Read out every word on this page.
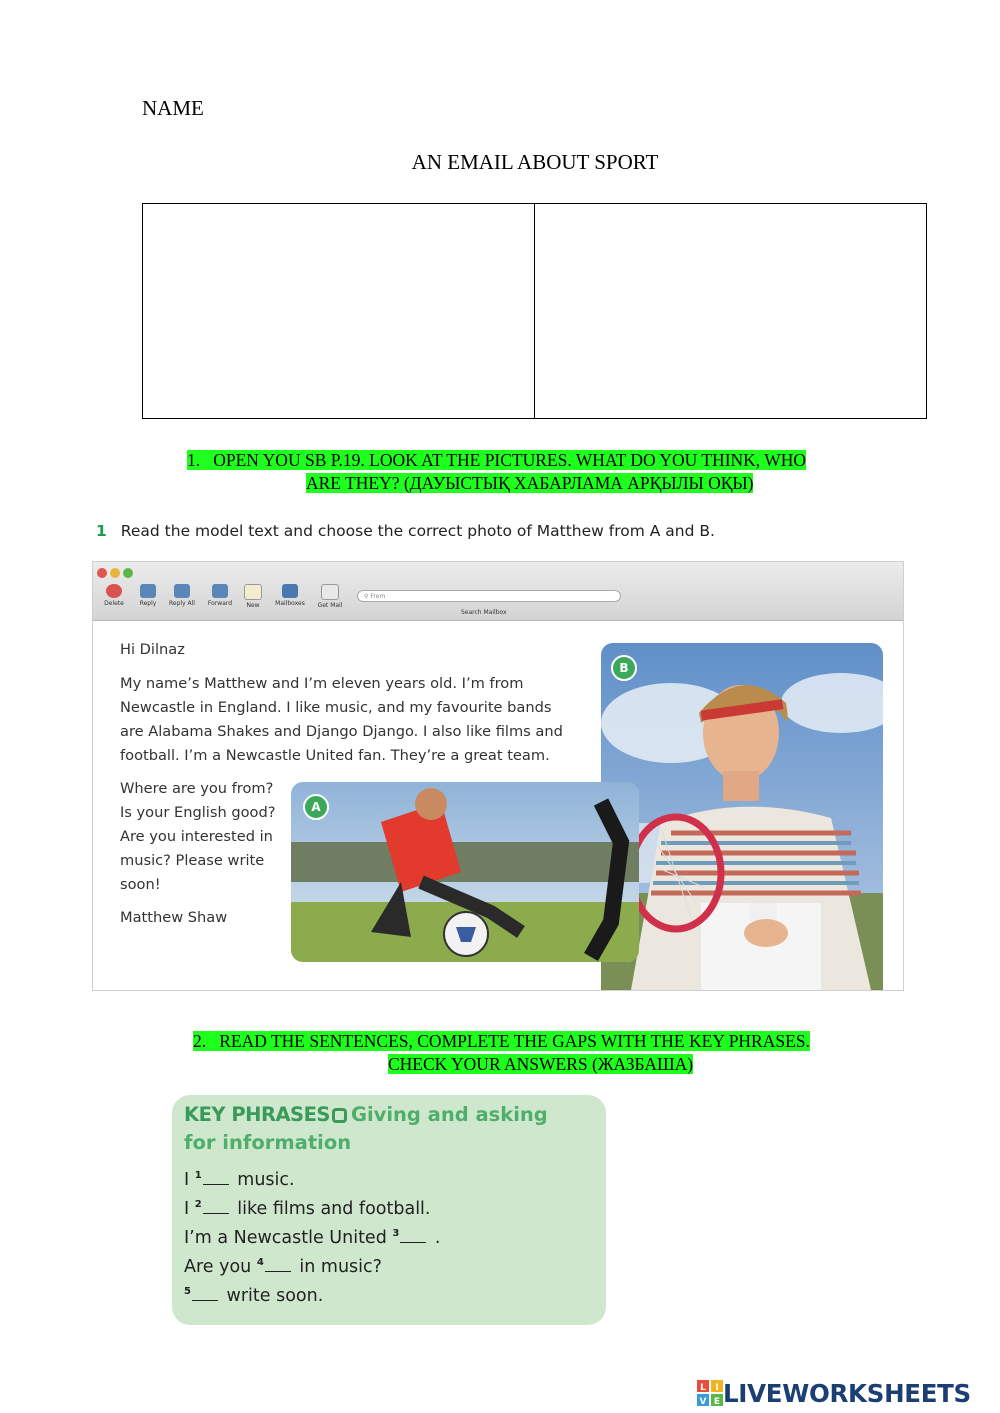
NAME
AN EMAIL ABOUT SPORT
1. OPEN YOU SB P.19. LOOK AT THE PICTURES. WHAT DO YOU THINK, WHO
ARE THEY? (ДАУЫСТЫҚ ХАБАРЛАМА АРҚЫЛЫ ОҚЫ)
1 Read the model text and choose the correct photo of Matthew from A and B.
Delete	Reply	Reply All	Forward	New	Mailboxes	Get Mail
⚲ Frem
Search Mailbox
Hi Dilnaz
My name’s Matthew and I’m eleven years old. I’m from
Newcastle in England. I like music, and my favourite bands
are Alabama Shakes and Django Django. I also like films and
football. I’m a Newcastle United fan. They’re a great team.
Where are you from?
Is your English good?
Are you interested in
music? Please write
soon!
Matthew Shaw
B
A
2. READ THE SENTENCES, COMPLETE THE GAPS WITH THE KEY PHRASES.
CHECK YOUR ANSWERS (ЖАЗБАША)
KEY PHRASES Giving and asking
for information
I $^1$ music.
I $^2$ like films and football.
I’m a Newcastle United $^3$ .
Are you $^4$ in music?
$^5$ write soon.
L I
V E LIVEWORKSHEETS
